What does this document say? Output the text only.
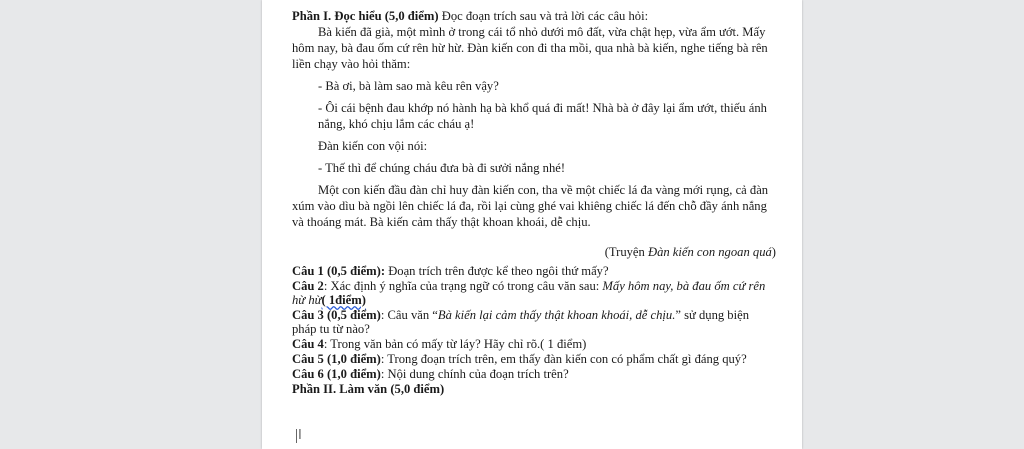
Phần I. Đọc hiểu (5,0 điểm) Đọc đoạn trích sau và trả lời các câu hỏi:

Bà kiến đã già, một mình ở trong cái tổ nhỏ dưới mô đất, vừa chật hẹp, vừa ẩm ướt. Mấy hôm nay, bà đau ốm cứ rên hừ hừ. Đàn kiến con đi tha mồi, qua nhà bà kiến, nghe tiếng bà rên liền chạy vào hỏi thăm:

- Bà ơi, bà làm sao mà kêu rên vậy?

- Ôi cái bệnh đau khớp nó hành hạ bà khổ quá đi mất! Nhà bà ở đây lại ẩm ướt, thiếu ánh nắng, khó chịu lắm các cháu ạ!

Đàn kiến con vội nói:

- Thế thì để chúng cháu đưa bà đi sưởi nắng nhé!

Một con kiến đầu đàn chỉ huy đàn kiến con, tha về một chiếc lá đa vàng mới rụng, cả đàn xúm vào dìu bà ngồi lên chiếc lá đa, rồi lại cùng ghé vai khiêng chiếc lá đến chỗ đầy ánh nắng và thoáng mát. Bà kiến cảm thấy thật khoan khoái, dễ chịu.

(Truyện Đàn kiến con ngoan quá)

Câu 1 (0,5 điểm): Đoạn trích trên được kể theo ngôi thứ mấy?

Câu 2: Xác định ý nghĩa của trạng ngữ có trong câu văn sau: Mấy hôm nay, bà đau ốm cứ rên hừ hừ( 1điểm)

Câu 3 (0,5 điểm): Câu văn “Bà kiến lại cảm thấy thật khoan khoái, dễ chịu.” sử dụng biện pháp tu từ nào?

Câu 4: Trong văn bản có mấy từ láy? Hãy chỉ rõ.( 1 điểm)

Câu 5 (1,0 điểm): Trong đoạn trích trên, em thấy đàn kiến con có phẩm chất gì đáng quý?

Câu 6 (1,0 điểm): Nội dung chính của đoạn trích trên?

Phần II. Làm văn (5,0 điểm)

I
